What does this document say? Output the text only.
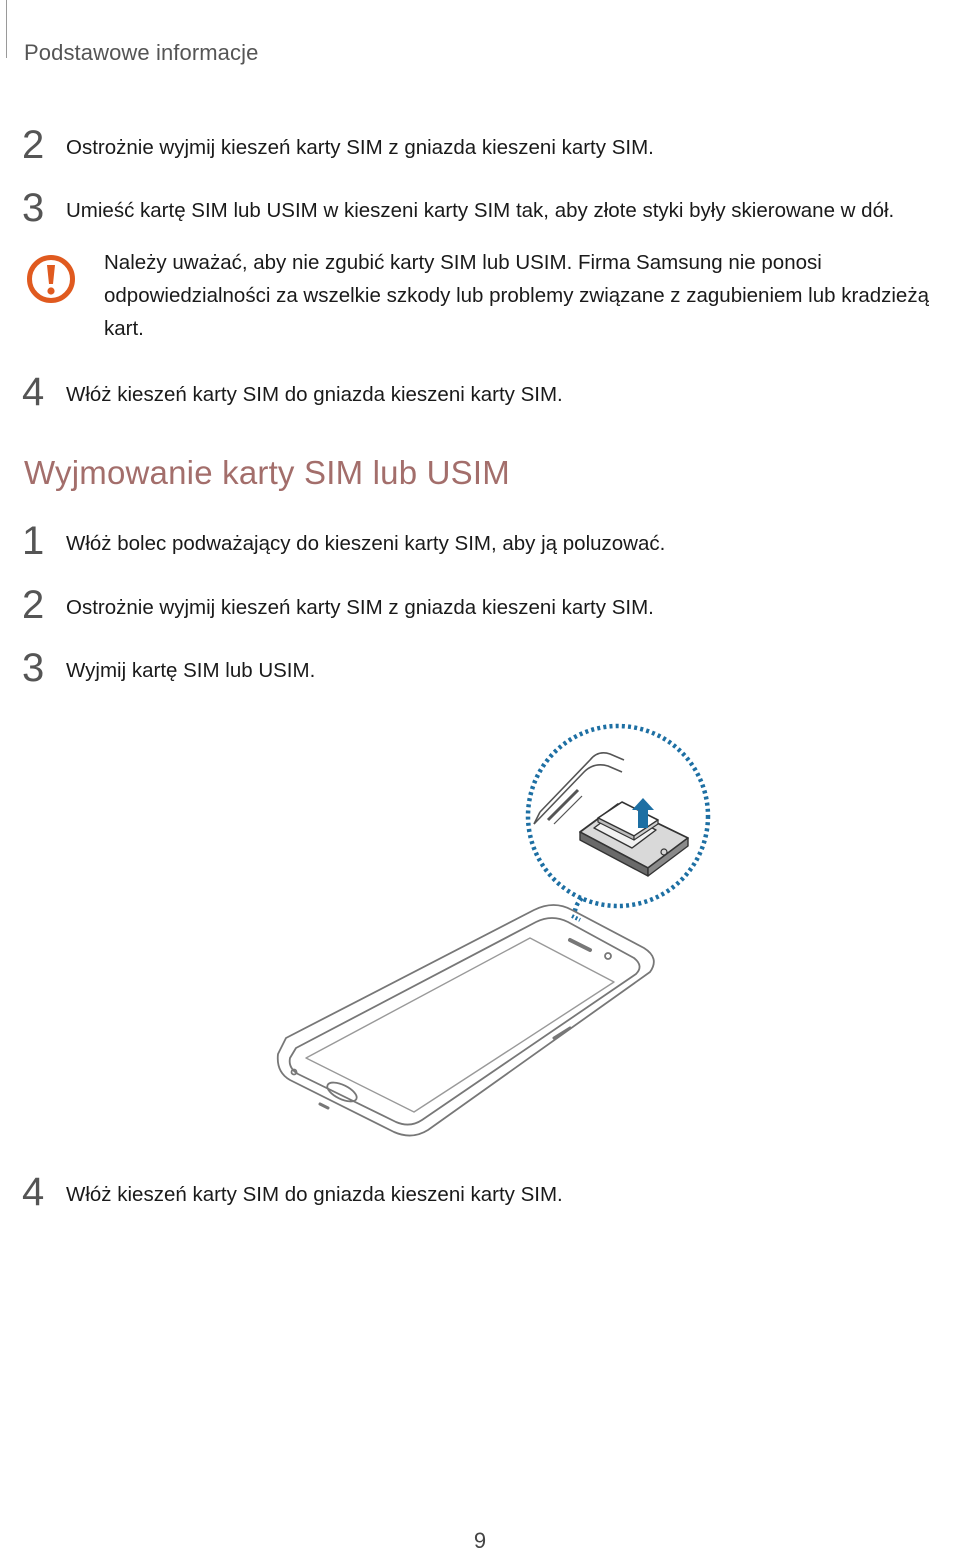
Podstawowe informacje
2 Ostrożnie wyjmij kieszeń karty SIM z gniazda kieszeni karty SIM.
3 Umieść kartę SIM lub USIM w kieszeni karty SIM tak, aby złote styki były skierowane w dół.
Należy uważać, aby nie zgubić karty SIM lub USIM. Firma Samsung nie ponosi odpowiedzialności za wszelkie szkody lub problemy związane z zagubieniem lub kradzieżą kart.
4 Włóż kieszeń karty SIM do gniazda kieszeni karty SIM.
Wyjmowanie karty SIM lub USIM
1 Włóż bolec podważający do kieszeni karty SIM, aby ją poluzować.
2 Ostrożnie wyjmij kieszeń karty SIM z gniazda kieszeni karty SIM.
3 Wyjmij kartę SIM lub USIM.
4 Włóż kieszeń karty SIM do gniazda kieszeni karty SIM.
9
